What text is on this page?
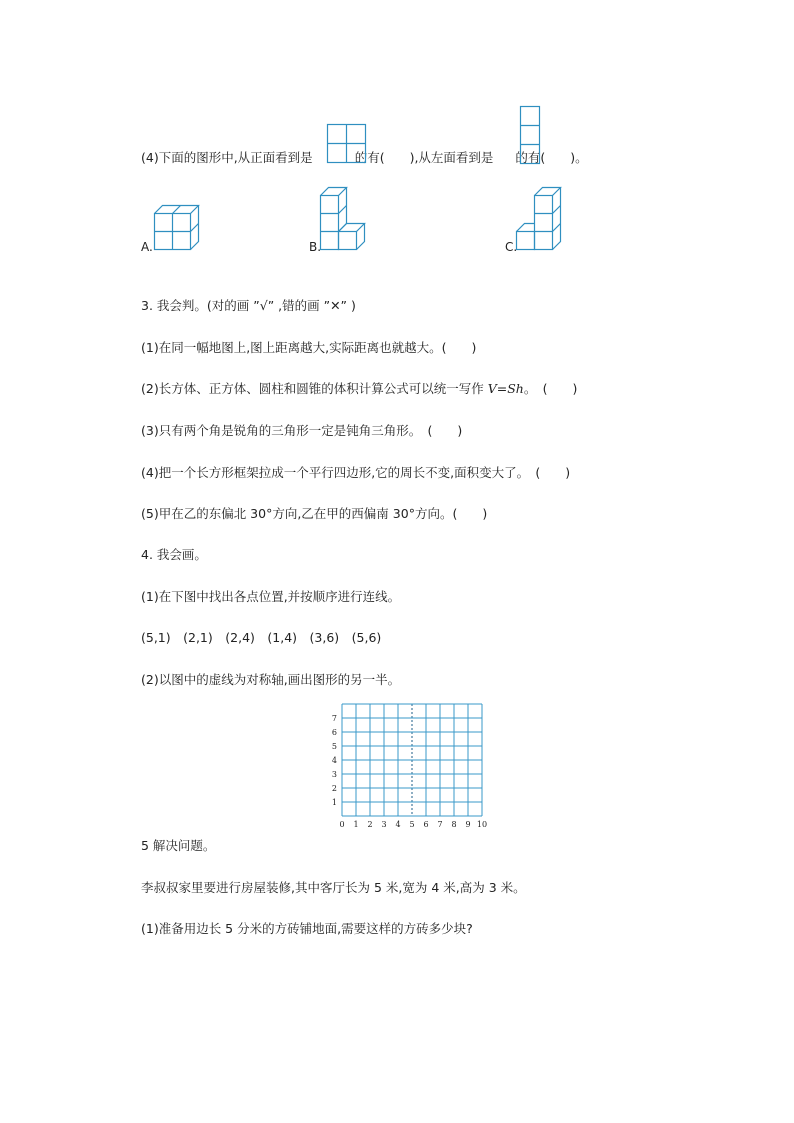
(4)下面的图形中,从正面看到是	的有(　　),从左面看到是 的有(　　)。
A.	B.	C.
3. 我会判。(对的画 ”√” ,错的画 ”✕” )
(1)在同一幅地图上,图上距离越大,实际距离也就越大。(　　)
(2)长方体、正方体、圆柱和圆锥的体积计算公式可以统一写作 V=Sh。　(　　)
(3)只有两个角是锐角的三角形一定是钝角三角形。　(　　)
(4)把一个长方形框架拉成一个平行四边形,它的周长不变,面积变大了。　(　　)
(5)甲在乙的东偏北 30°方向,乙在甲的西偏南 30°方向。(　　)
4. 我会画。
(1)在下图中找出各点位置,并按顺序进行连线。
(5,1)　(2,1)　(2,4)　(1,4)　(3,6)　(5,6)
(2)以图中的虚线为对称轴,画出图形的另一半。
0 1 2 3 4 5 6 7 8 9 10
1
2
3
4
5
6
7
5 解决问题。
李叔叔家里要进行房屋装修,其中客厅长为 5 米,宽为 4 米,高为 3 米。
(1)准备用边长 5 分米的方砖铺地面,需要这样的方砖多少块?
